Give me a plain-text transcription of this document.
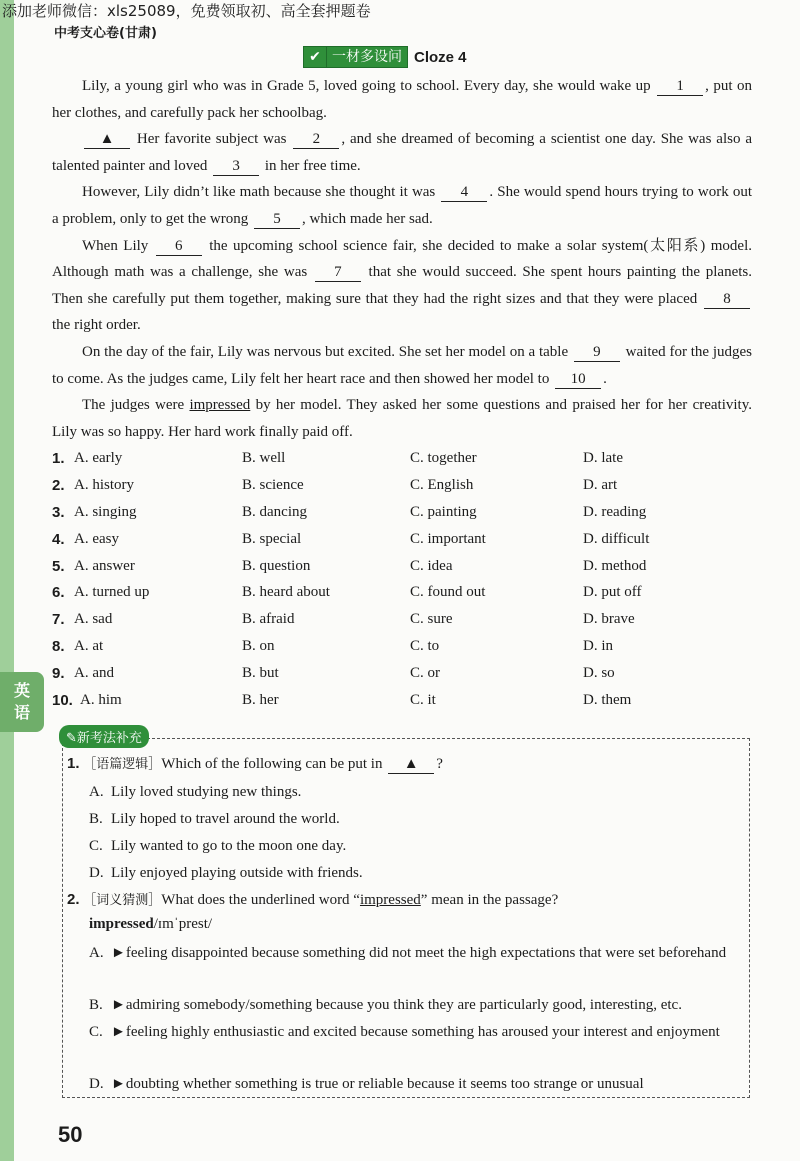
英
语
添加老师微信：xls25089，免费领取初、高全套押题卷
中考支心卷(甘肃)
✔ 一材多设问 Cloze 4

Lily, a young girl who was in Grade 5, loved going to school. Every day, she would wake up 1 , put on her clothes, and carefully pack her schoolbag.

▲ Her favorite subject was 2 , and she dreamed of becoming a scientist one day. She was also a talented painter and loved 3 in her free time.

However, Lily didn’t like math because she thought it was 4 . She would spend hours trying to work out a problem, only to get the wrong 5 , which made her sad.

When Lily 6 the upcoming school science fair, she decided to make a solar system(太阳系) model. Although math was a challenge, she was 7 that she would succeed. She spent hours painting the planets. Then she carefully put them together, making sure that they had the right sizes and that they were placed 8 the right order.

On the day of the fair, Lily was nervous but excited. She set her model on a table 9 waited for the judges to come. As the judges came, Lily felt her heart race and then showed her model to 10 .

The judges were impressed by her model. They asked her some questions and praised her for her creativity. Lily was so happy. Her hard work finally paid off.

1. A. early	B. well	C. together	D. late
2. A. history	B. science	C. English	D. art
3. A. singing	B. dancing	C. painting	D. reading
4. A. easy	B. special	C. important	D. difficult
5. A. answer	B. question	C. idea	D. method
6. A. turned up	B. heard about	C. found out	D. put off
7. A. sad	B. afraid	C. sure	D. brave
8. A. at	B. on	C. to	D. in
9. A. and	B. but	C. or	D. so
10. A. him	B. her	C. it	D. them
✎新考法补充
1. ［语篇逻辑］Which of the following can be put in ▲ ?
A. Lily loved studying new things.
B. Lily hoped to travel around the world.
C. Lily wanted to go to the moon one day.
D. Lily enjoyed playing outside with friends.
2. ［词义猜测］What does the underlined word “impressed” mean in the passage?
impressed/ɪmˈprest/
A. ►feeling disappointed because something did not meet the high expectations that were set beforehand
B. ►admiring somebody/something because you think they are particularly good, interesting, etc.
C. ►feeling highly enthusiastic and excited because something has aroused your interest and enjoyment
D. ►doubting whether something is true or reliable because it seems too strange or unusual
50
